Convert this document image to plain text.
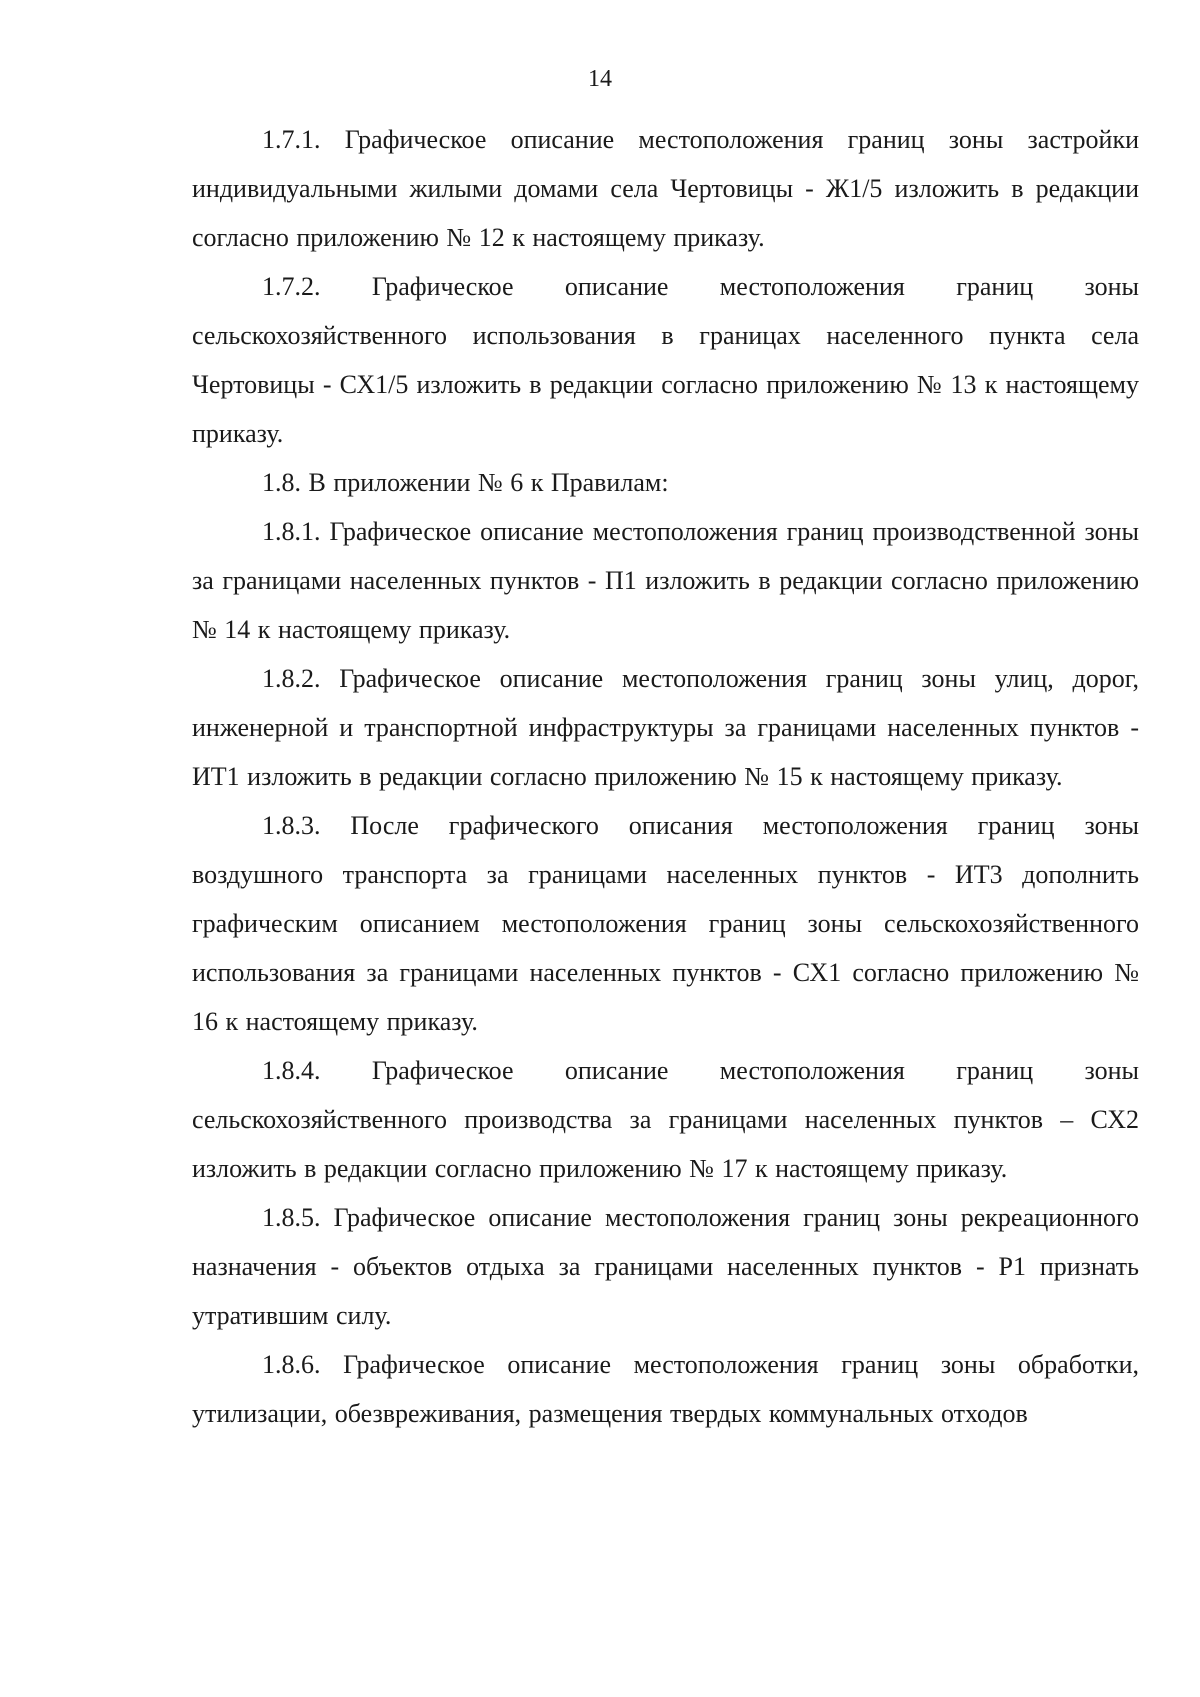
14

1.7.1. Графическое описание местоположения границ зоны застройки индивидуальными жилыми домами села Чертовицы - Ж1/5 изложить в редакции согласно приложению № 12 к настоящему приказу.

1.7.2. Графическое описание местоположения границ зоны сельскохозяйственного использования в границах населенного пункта села Чертовицы - СХ1/5 изложить в редакции согласно приложению № 13 к настоящему приказу.

1.8. В приложении № 6 к Правилам:

1.8.1. Графическое описание местоположения границ производственной зоны за границами населенных пунктов - П1 изложить в редакции согласно приложению № 14 к настоящему приказу.

1.8.2. Графическое описание местоположения границ зоны улиц, дорог, инженерной и транспортной инфраструктуры за границами населенных пунктов - ИТ1 изложить в редакции согласно приложению № 15 к настоящему приказу.

1.8.3. После графического описания местоположения границ зоны воздушного транспорта за границами населенных пунктов - ИТ3 дополнить графическим описанием местоположения границ зоны сельскохозяйственного использования за границами населенных пунктов - СХ1 согласно приложению № 16 к настоящему приказу.

1.8.4. Графическое описание местоположения границ зоны сельскохозяйственного производства за границами населенных пунктов – СХ2 изложить в редакции согласно приложению № 17 к настоящему приказу.

1.8.5. Графическое описание местоположения границ зоны рекреационного назначения - объектов отдыха за границами населенных пунктов - Р1 признать утратившим силу.

1.8.6. Графическое описание местоположения границ зоны обработки, утилизации, обезвреживания, размещения твердых коммунальных отходов
